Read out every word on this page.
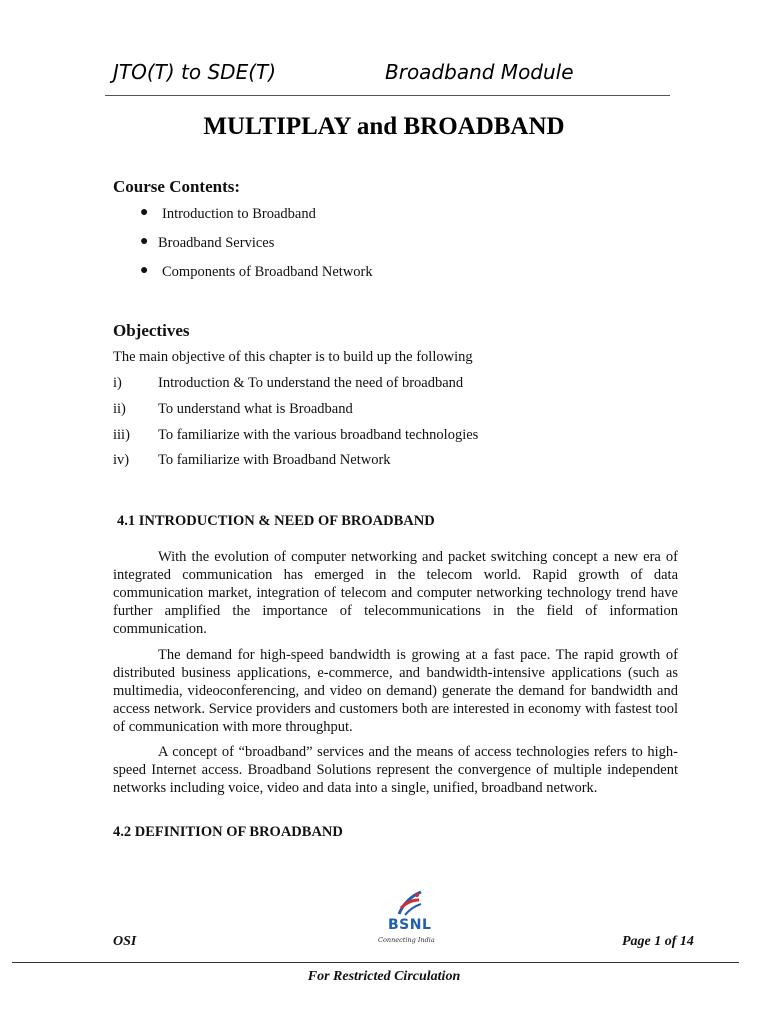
JTO(T) to SDE(T)	Broadband Module
MULTIPLAY and BROADBAND
Course Contents:
● Introduction to Broadband
● Broadband Services
● Components of Broadband Network
Objectives
The main objective of this chapter is to build up the following
i) Introduction & To understand the need of broadband
ii) To understand what is Broadband
iii) To familiarize with the various broadband technologies
iv) To familiarize with Broadband Network
4.1 INTRODUCTION & NEED OF BROADBAND

With the evolution of computer networking and packet switching concept a new era of integrated communication has emerged in the telecom world. Rapid growth of data communication market, integration of telecom and computer networking technology trend have further amplified the importance of telecommunications in the field of information communication.

The demand for high-speed bandwidth is growing at a fast pace. The rapid growth of distributed business applications, e-commerce, and bandwidth-intensive applications (such as multimedia, videoconferencing, and video on demand) generate the demand for bandwidth and access network. Service providers and customers both are interested in economy with fastest tool of communication with more throughput.

A concept of “broadband” services and the means of access technologies refers to high-speed Internet access. Broadband Solutions represent the convergence of multiple independent networks including voice, video and data into a single, unified, broadband network.

4.2 DEFINITION OF BROADBAND
BSNL
Connecting India
OSI	Page 1 of 14
For Restricted Circulation
